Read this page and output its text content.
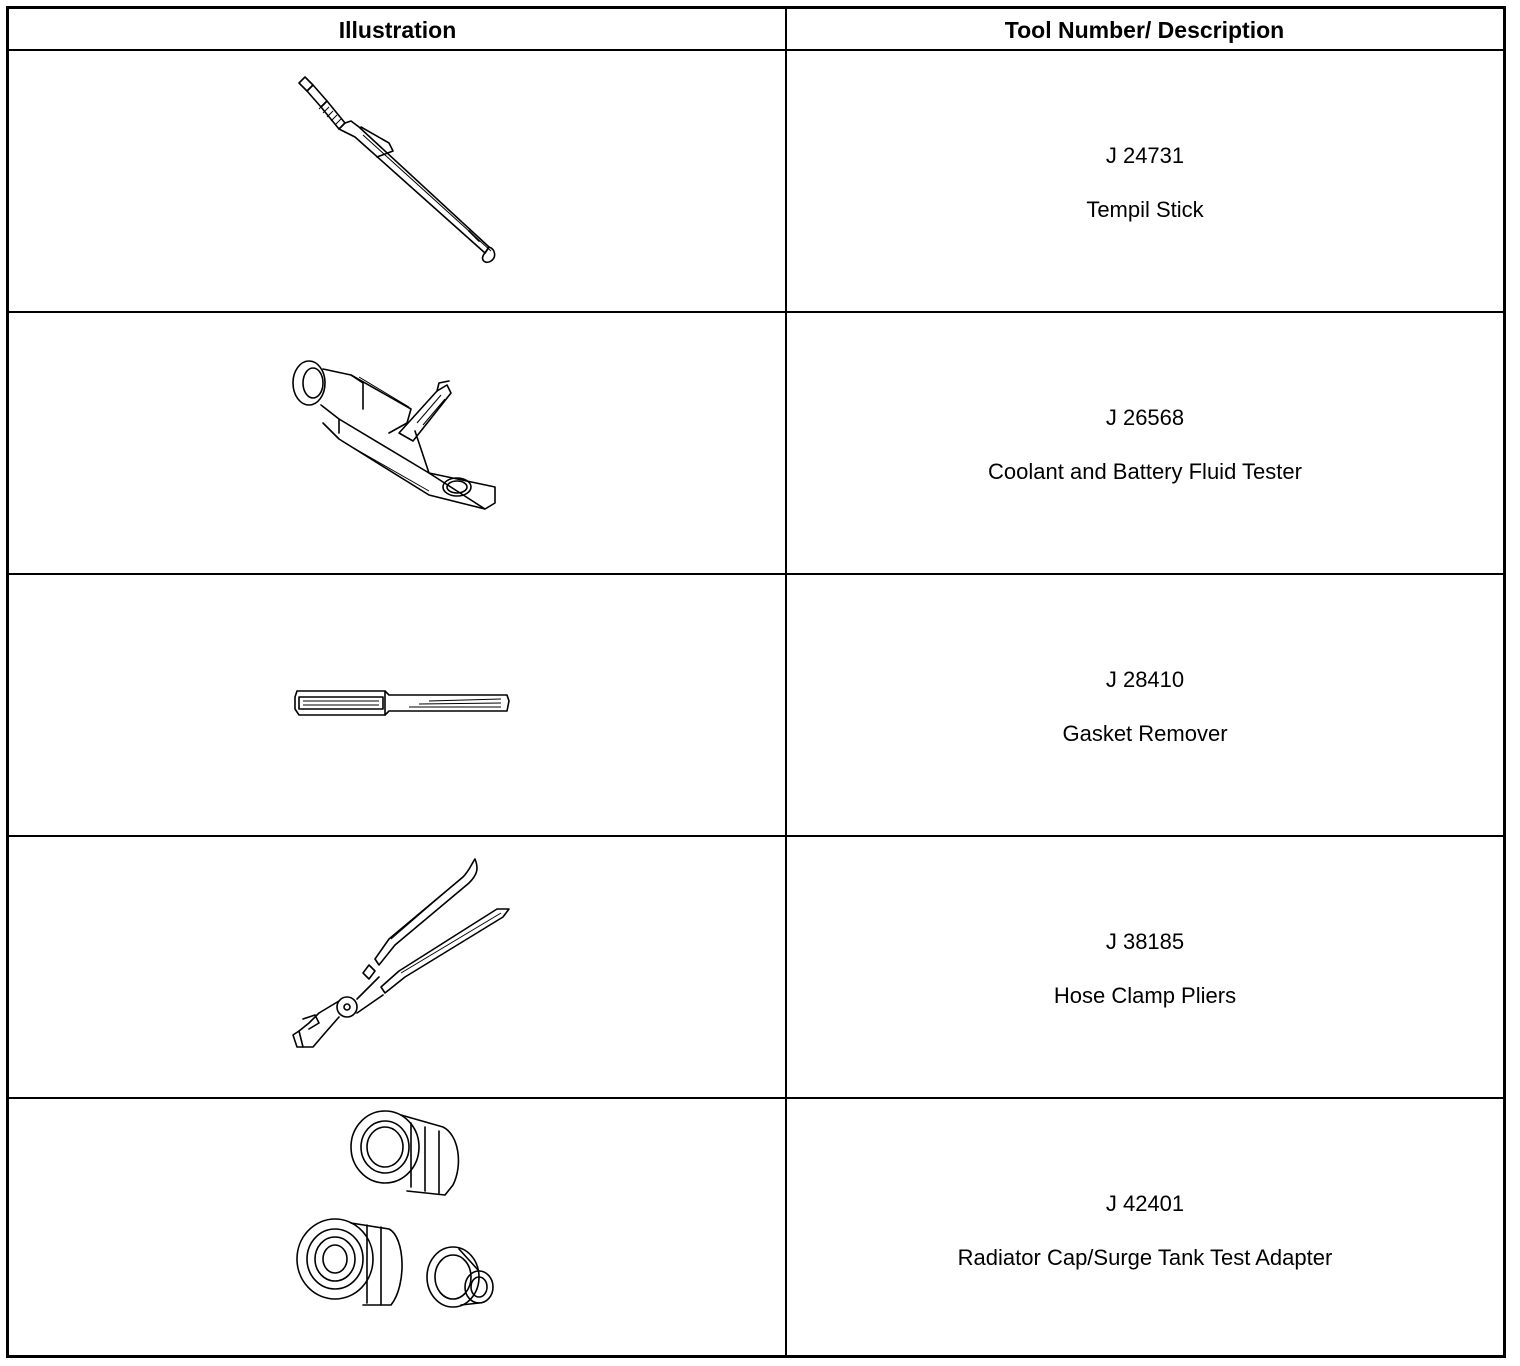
Illustration	Tool Number/ Description
J 24731
Tempil Stick
J 26568
Coolant and Battery Fluid Tester
J 28410
Gasket Remover
J 38185
Hose Clamp Pliers
J 42401
Radiator Cap/Surge Tank Test Adapter
